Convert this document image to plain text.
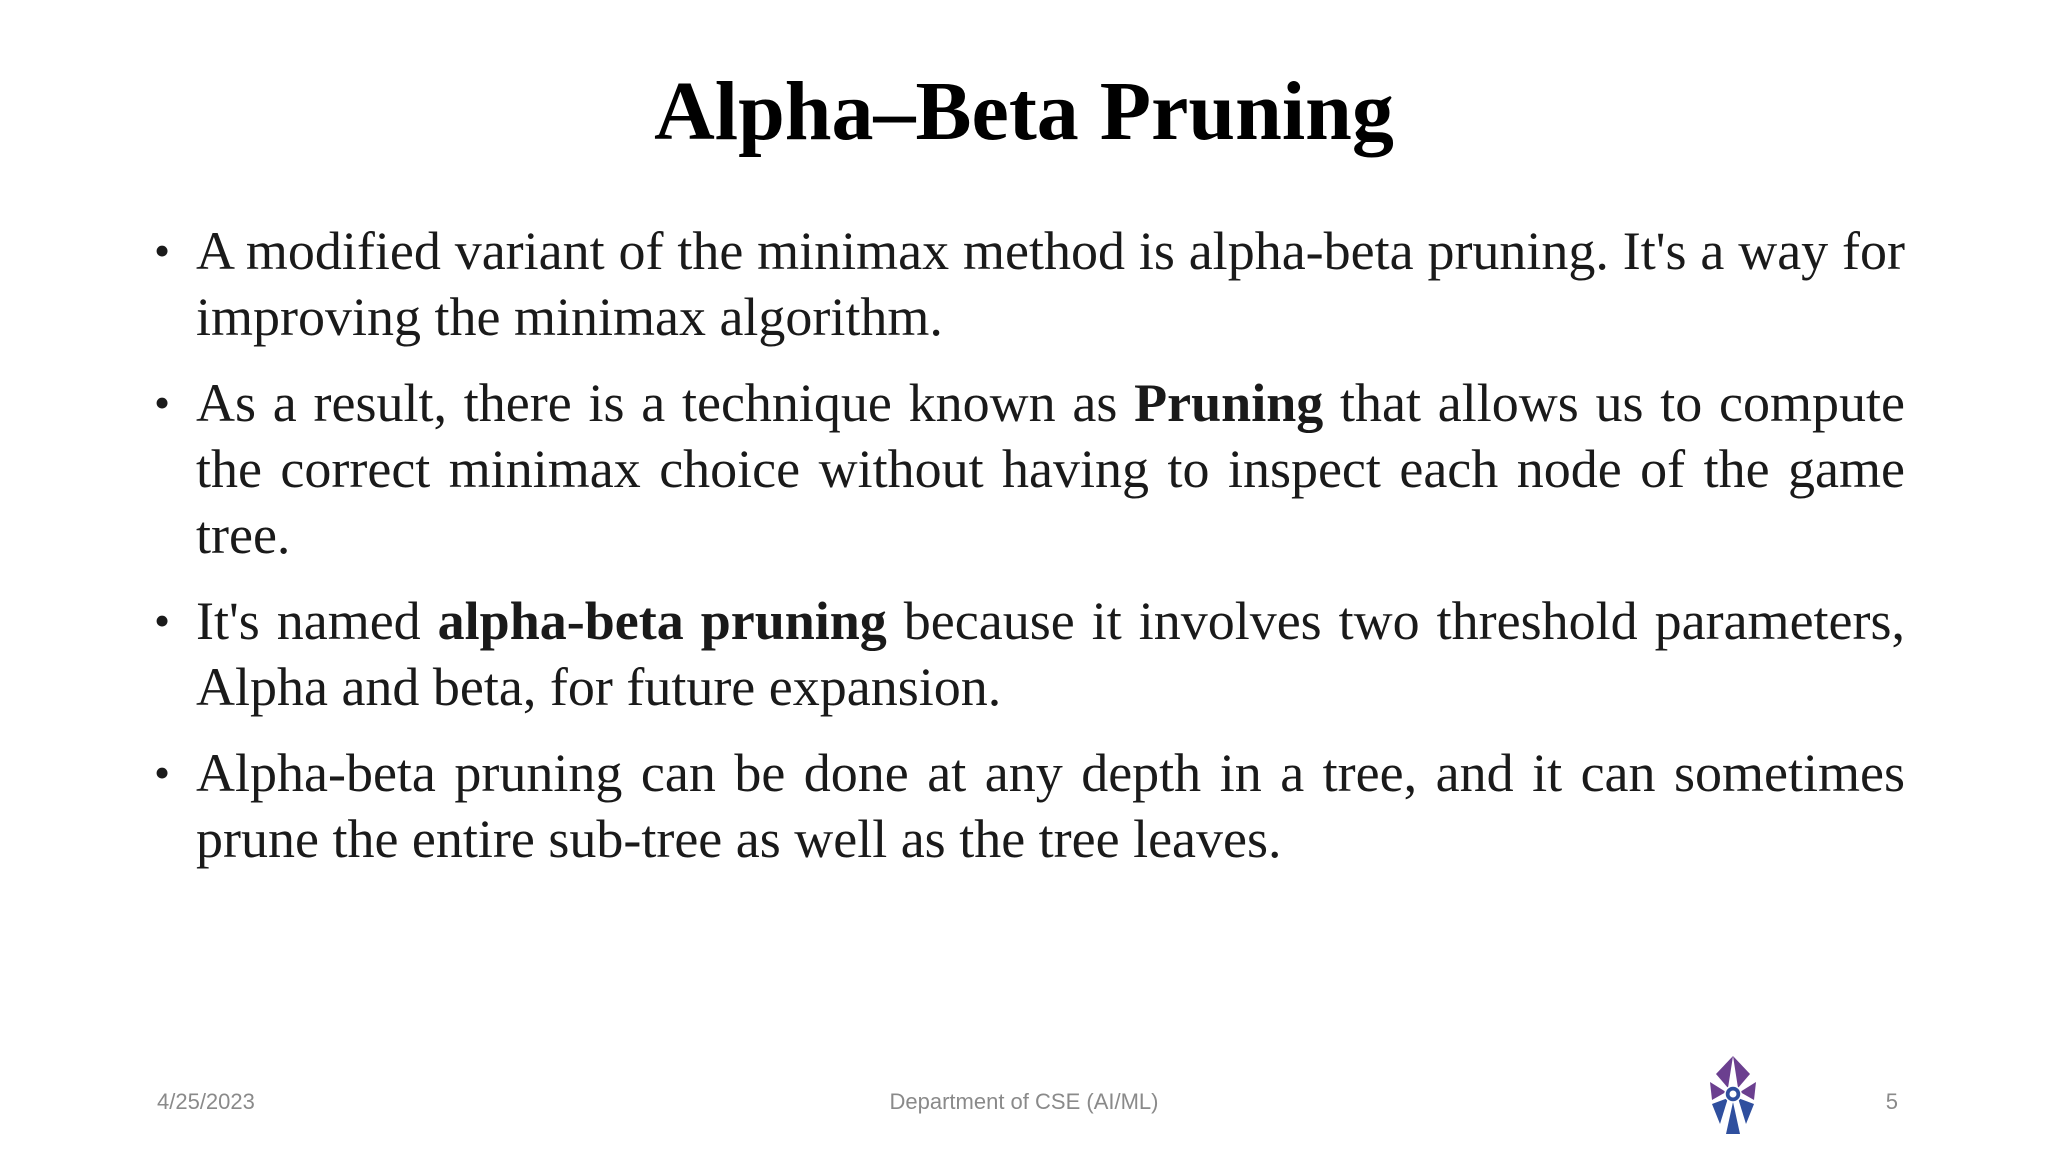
Alpha–Beta Pruning
• A modified variant of the minimax method is alpha-beta pruning. It's a way for improving the minimax algorithm.
• As a result, there is a technique known as Pruning that allows us to compute the correct minimax choice without having to inspect each node of the game tree.
• It's named alpha-beta pruning because it involves two threshold parameters, Alpha and beta, for future expansion.
• Alpha-beta pruning can be done at any depth in a tree, and it can sometimes prune the entire sub-tree as well as the tree leaves.
4/25/2023	Department of CSE (AI/ML)	5
